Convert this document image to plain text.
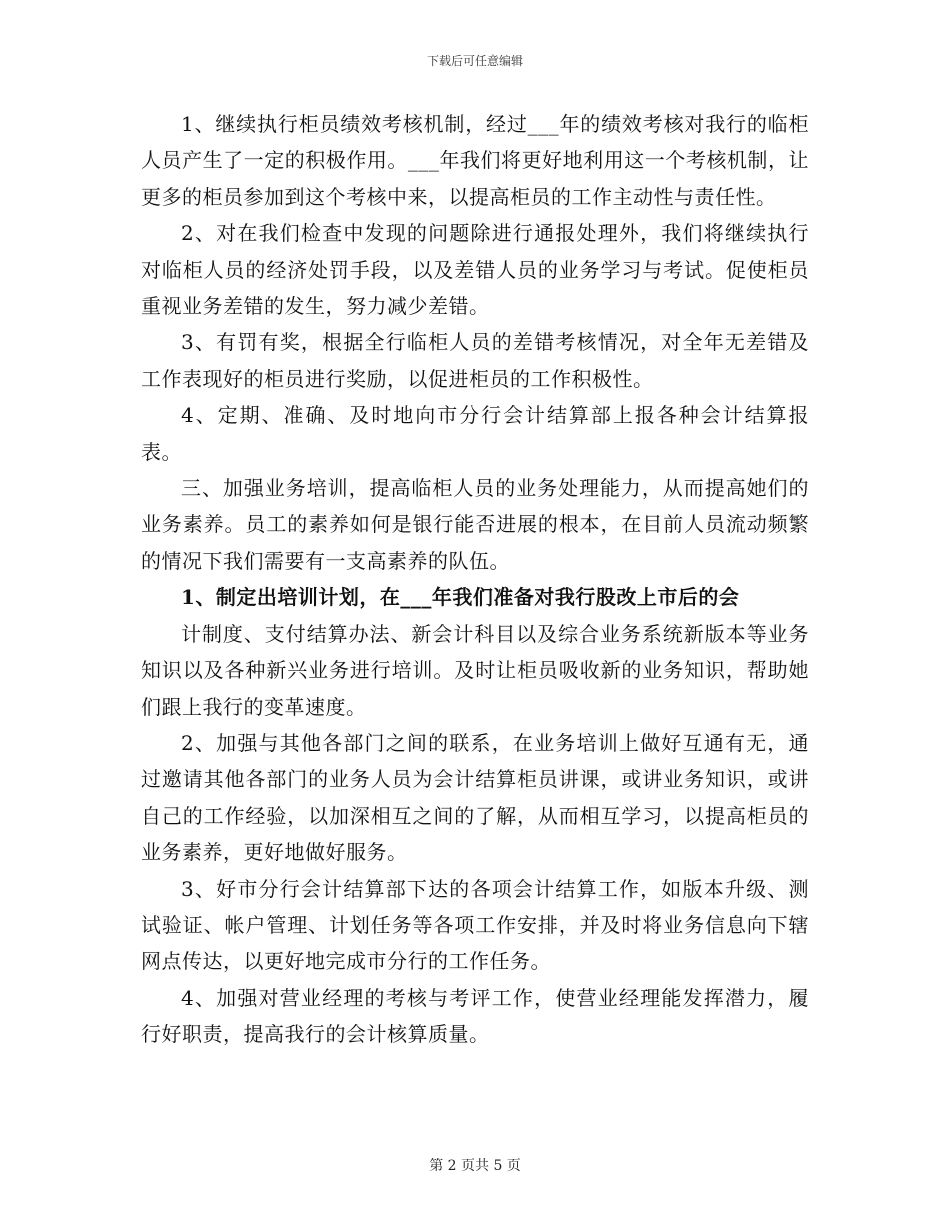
下载后可任意编辑

1、继续执行柜员绩效考核机制，经过___年的绩效考核对我行的临柜人员产生了一定的积极作用。___年我们将更好地利用这一个考核机制，让更多的柜员参加到这个考核中来，以提高柜员的工作主动性与责任性。

2、对在我们检查中发现的问题除进行通报处理外，我们将继续执行对临柜人员的经济处罚手段，以及差错人员的业务学习与考试。促使柜员重视业务差错的发生，努力减少差错。

3、有罚有奖，根据全行临柜人员的差错考核情况，对全年无差错及工作表现好的柜员进行奖励，以促进柜员的工作积极性。

4、定期、准确、及时地向市分行会计结算部上报各种会计结算报表。

三、加强业务培训，提高临柜人员的业务处理能力，从而提高她们的业务素养。员工的素养如何是银行能否进展的根本，在目前人员流动频繁的情况下我们需要有一支高素养的队伍。

1、制定出培训计划，在___年我们准备对我行股改上市后的会

计制度、支付结算办法、新会计科目以及综合业务系统新版本等业务知识以及各种新兴业务进行培训。及时让柜员吸收新的业务知识，帮助她们跟上我行的变革速度。

2、加强与其他各部门之间的联系，在业务培训上做好互通有无，通过邀请其他各部门的业务人员为会计结算柜员讲课，或讲业务知识，或讲自己的工作经验，以加深相互之间的了解，从而相互学习，以提高柜员的业务素养，更好地做好服务。

3、好市分行会计结算部下达的各项会计结算工作，如版本升级、测试验证、帐户管理、计划任务等各项工作安排，并及时将业务信息向下辖网点传达，以更好地完成市分行的工作任务。

4、加强对营业经理的考核与考评工作，使营业经理能发挥潜力，履行好职责，提高我行的会计核算质量。

第 2 页共 5 页
